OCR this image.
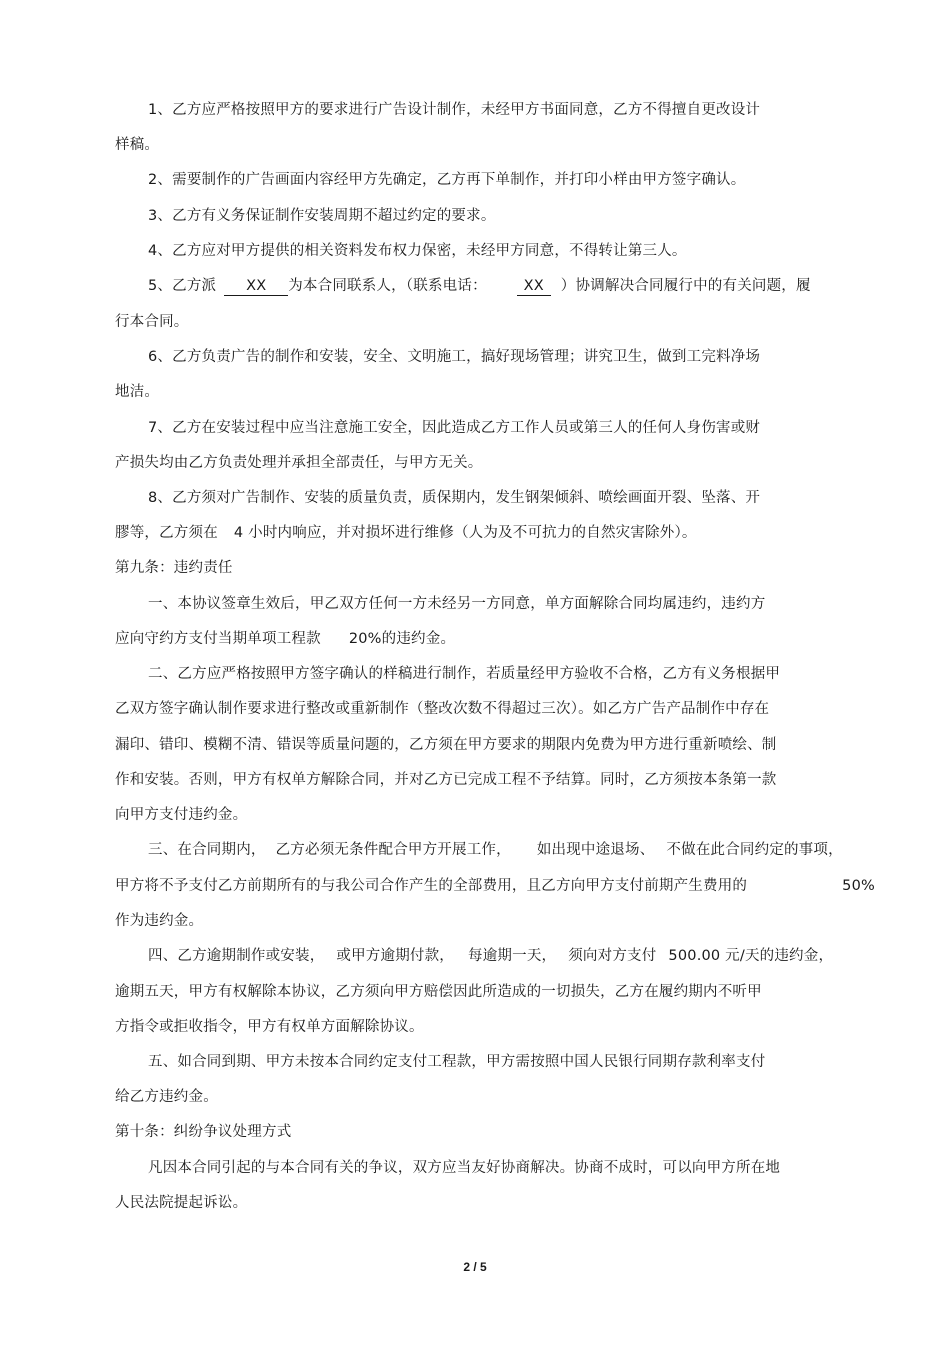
1、乙方应严格按照甲方的要求进行广告设计制作，未经甲方书面同意，乙方不得擅自更改设计
样稿。
2、需要制作的广告画面内容经甲方先确定，乙方再下单制作，并打印小样由甲方签字确认。
3、乙方有义务保证制作安装周期不超过约定的要求。
4、乙方应对甲方提供的相关资料发布权力保密，未经甲方同意，不得转让第三人。
5、乙方派 XX 为本合同联系人，（联系电话：	XX ）协调解决合同履行中的有关问题，履
行本合同。
6、乙方负责广告的制作和安装，安全、文明施工，搞好现场管理；讲究卫生，做到工完料净场
地洁。
7、乙方在安装过程中应当注意施工安全，因此造成乙方工作人员或第三人的任何人身伤害或财
产损失均由乙方负责处理并承担全部责任，与甲方无关。
8、乙方须对广告制作、安装的质量负责，质保期内，发生钢架倾斜、喷绘画面开裂、坠落、开
膠等，乙方须在 4 小时内响应，并对损坏进行维修（人为及不可抗力的自然灾害除外）。
第九条：违约责任
一、本协议签章生效后，甲乙双方任何一方未经另一方同意，单方面解除合同均属违约，违约方
应向守约方支付当期单项工程款 20%的违约金。
二、乙方应严格按照甲方签字确认的样稿进行制作，若质量经甲方验收不合格，乙方有义务根据甲
乙双方签字确认制作要求进行整改或重新制作（整改次数不得超过三次）。如乙方广告产品制作中存在
漏印、错印、模糊不清、错误等质量问题的，乙方须在甲方要求的期限内免费为甲方进行重新喷绘、制
作和安装。否则，甲方有权单方解除合同，并对乙方已完成工程不予结算。同时，乙方须按本条第一款
向甲方支付违约金。
三、在合同期内， 乙方必须无条件配合甲方开展工作， 如出现中途退场、 不做在此合同约定的事项，
甲方将不予支付乙方前期所有的与我公司合作产生的全部费用，且乙方向甲方支付前期产生费用的	50%
作为违约金。
四、乙方逾期制作或安装， 或甲方逾期付款， 每逾期一天， 须向对方支付 500.00 元/天的违约金，
逾期五天，甲方有权解除本协议，乙方须向甲方赔偿因此所造成的一切损失，乙方在履约期内不听甲
方指令或拒收指令，甲方有权单方面解除协议。
五、如合同到期、甲方未按本合同约定支付工程款，甲方需按照中国人民银行同期存款利率支付
给乙方违约金。
第十条：纠纷争议处理方式
凡因本合同引起的与本合同有关的争议，双方应当友好协商解决。协商不成时，可以向甲方所在地
人民法院提起诉讼。
2 / 5
